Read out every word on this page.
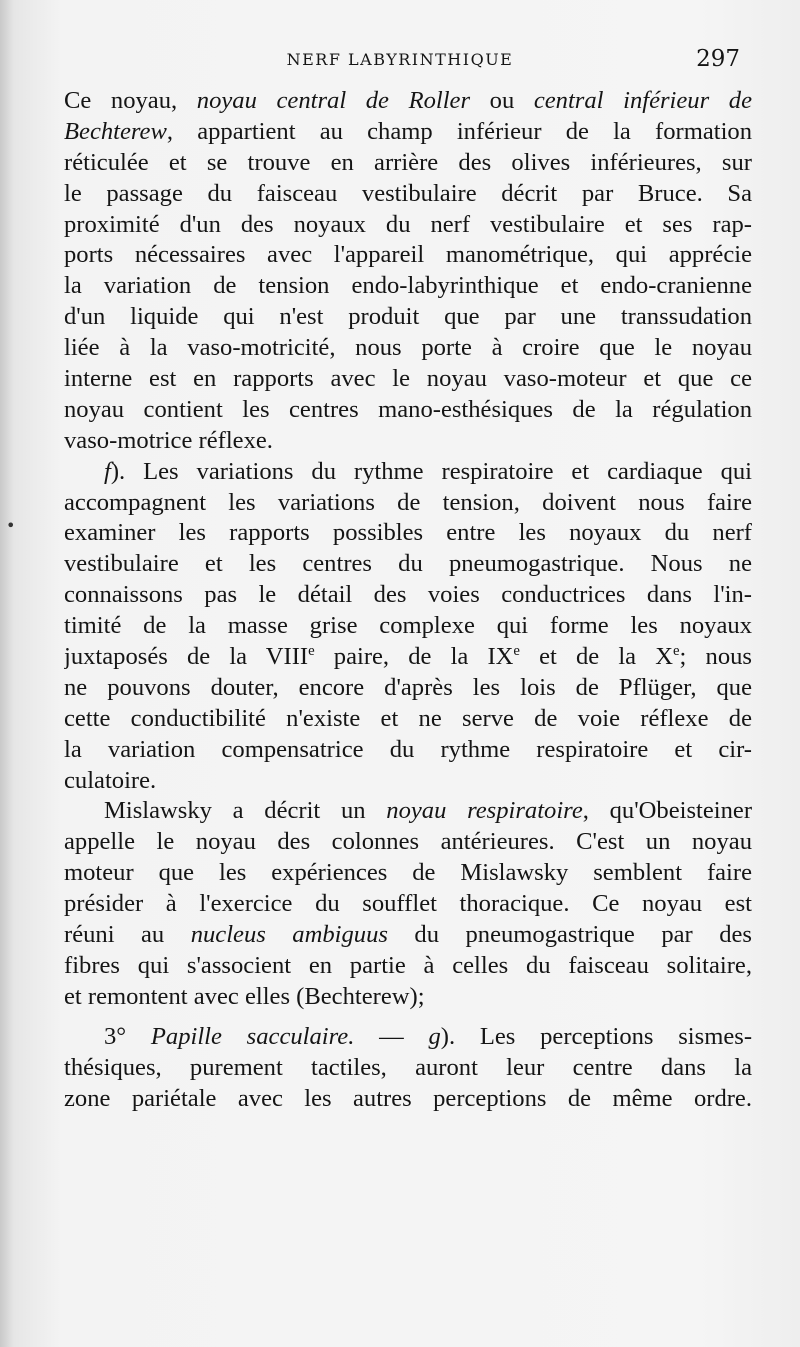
NERF LABYRINTHIQUE	297
•
Ce noyau, noyau central de Roller ou central inférieur de
Bechterew, appartient au champ inférieur de la formation
réticulée et se trouve en arrière des olives inférieures, sur
le passage du faisceau vestibulaire décrit par Bruce. Sa
proximité d'un des noyaux du nerf vestibulaire et ses rap-
ports nécessaires avec l'appareil manométrique, qui apprécie
la variation de tension endo-labyrinthique et endo-cranienne
d'un liquide qui n'est produit que par une transsudation
liée à la vaso-motricité, nous porte à croire que le noyau
interne est en rapports avec le noyau vaso-moteur et que ce
noyau contient les centres mano-esthésiques de la régulation
vaso-motrice réflexe.
f). Les variations du rythme respiratoire et cardiaque qui
accompagnent les variations de tension, doivent nous faire
examiner les rapports possibles entre les noyaux du nerf
vestibulaire et les centres du pneumogastrique. Nous ne
connaissons pas le détail des voies conductrices dans l'in-
timité de la masse grise complexe qui forme les noyaux
juxtaposés de la VIIIe paire, de la IXe et de la Xe; nous
ne pouvons douter, encore d'après les lois de Pflüger, que
cette conductibilité n'existe et ne serve de voie réflexe de
la variation compensatrice du rythme respiratoire et cir-
culatoire.
Mislawsky a décrit un noyau respiratoire, qu'Obeisteiner
appelle le noyau des colonnes antérieures. C'est un noyau
moteur que les expériences de Mislawsky semblent faire
présider à l'exercice du soufflet thoracique. Ce noyau est
réuni au nucleus ambiguus du pneumogastrique par des
fibres qui s'associent en partie à celles du faisceau solitaire,
et remontent avec elles (Bechterew);
3° Papille sacculaire. — g). Les perceptions sismes-
thésiques, purement tactiles, auront leur centre dans la
zone pariétale avec les autres perceptions de même ordre.
